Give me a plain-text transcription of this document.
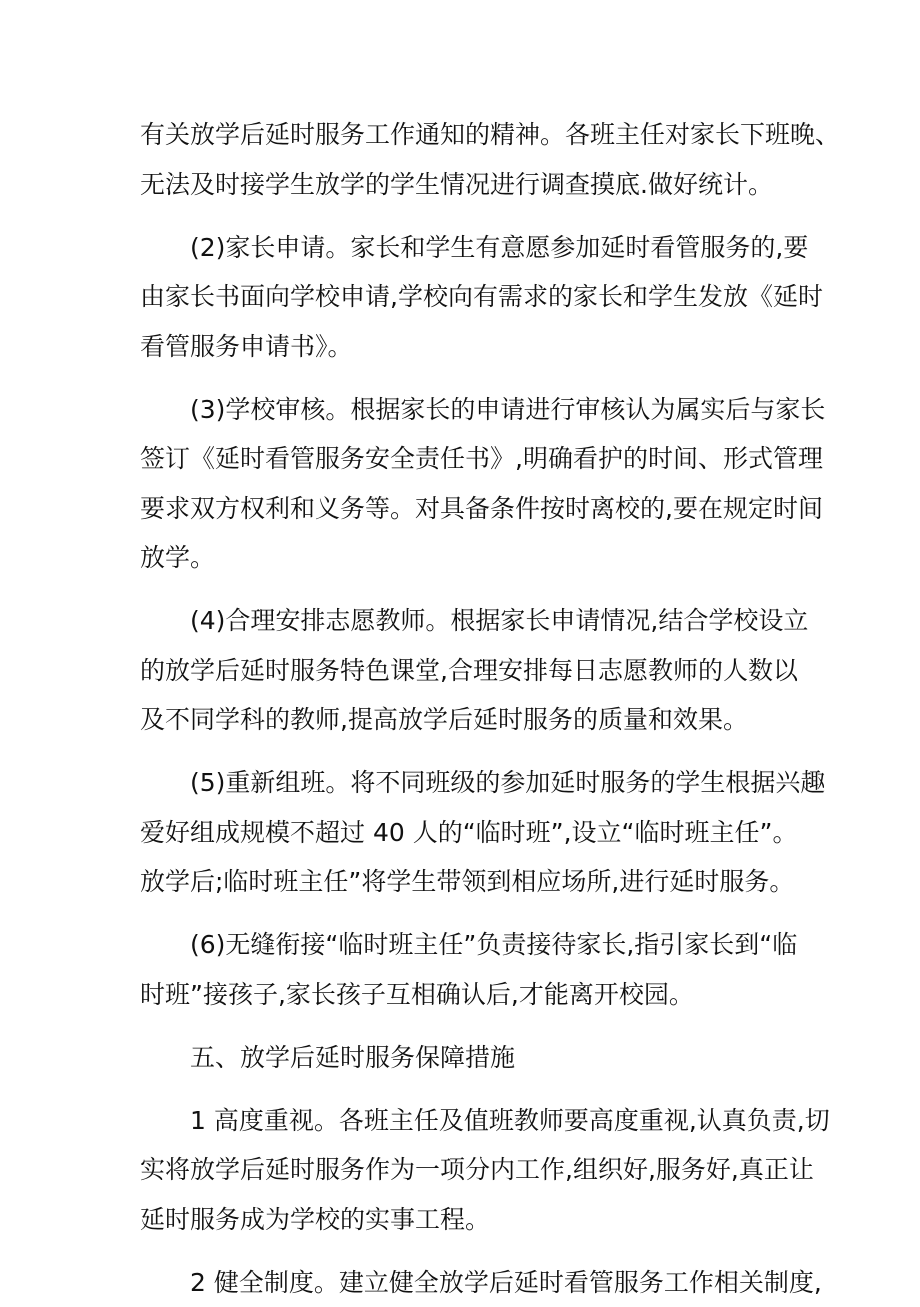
有关放学后延时服务工作通知的精神。各班主任对家长下班晚、
无法及时接学生放学的学生情况进行调查摸底.做好统计。
(2)家长申请。家长和学生有意愿参加延时看管服务的,要
由家长书面向学校申请,学校向有需求的家长和学生发放《延时
看管服务申请书》。
(3)学校审核。根据家长的申请进行审核认为属实后与家长
签订《延时看管服务安全责任书》,明确看护的时间、形式管理
要求双方权利和义务等。对具备条件按时离校的,要在规定时间
放学。
(4)合理安排志愿教师。根据家长申请情况,结合学校设立
的放学后延时服务特色课堂,合理安排每日志愿教师的人数以
及不同学科的教师,提高放学后延时服务的质量和效果。
(5)重新组班。将不同班级的参加延时服务的学生根据兴趣
爱好组成规模不超过 40 人的“临时班”,设立“临时班主任”。
放学后;临时班主任”将学生带领到相应场所,进行延时服务。
(6)无缝衔接“临时班主任”负责接待家长,指引家长到“临
时班”接孩子,家长孩子互相确认后,才能离开校园。
五、放学后延时服务保障措施
1 高度重视。各班主任及值班教师要高度重视,认真负责,切
实将放学后延时服务作为一项分内工作,组织好,服务好,真正让
延时服务成为学校的实事工程。
2 健全制度。建立健全放学后延时看管服务工作相关制度,
